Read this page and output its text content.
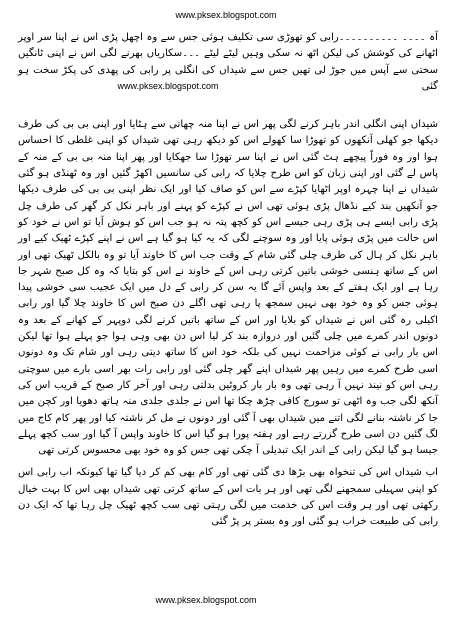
www.pksex.blogspot.com

آہ ۔۔۔۔ ۔۔۔۔۔۔۔۔۔۔رابی کو تھوڑی سی تکلیف ہوئی جس سے وہ اچھل پڑی اس نے اپنا سر اوپر اٹھانے کی کوشش کی لیکن اٹھ نہ سکی وہیں لیٹے لیٹے ۔۔۔سکاریاں بھرنے لگی اس نے اپنی ٹانگیں سختی سے آپس میں جوڑ لی تھیں جس سے شیداں کی انگلی پر رابی کی پھدی کی پکڑ سخت ہو گئی

شیداں اپنی انگلی اندر باہر کرنے لگی پھر اس نے اپنا منہ چھاتی سے ہٹایا اور اپنی بی بی کی طرف دیکھا جو کھلی آنکھوں کو تھوڑا سا کھولے اس کو دیکھ رہی تھی شیداں کو اپنی غلطی کا احساس ہوا اور وہ فوراً پیچھے ہٹ گئی اس نے اپنا سر تھوڑا سا جھکایا اور پھر اپنا منہ بی بی کے منہ کے پاس لے گئی اور اپنی زبان کو اس طرح چلایا کہ رابی کی سانسیں اکھڑ گئیں اور وہ ٹھنڈی ہو گئی شیداں نے اپنا چہرہ اوپر اٹھایا کپڑے سے اس کو صاف کیا اور ایک نظر اپنی بی بی کی طرف دیکھا جو آنکھیں بند کیے نڈھال پڑی ہوئی تھی اس نے کپڑے کو پہنے اور باہر نکل کر گھر کی طرف چل پڑی رابی ایسے ہی پڑی رہی جیسے اس کو کچھ پتہ نہ ہو جب اس کو ہوش آیا تو اس نے خود کو اس حالت میں پڑی ہوئی پایا اور وہ سوچنے لگی کہ یہ کیا ہو گیا ہے اس نے اپنے کپڑے ٹھیک کیے اور باہر نکل کر ہال کی طرف چلی گئی شام کے وقت جب اس کا خاوند آیا تو وہ بالکل ٹھیک تھی اور اس کے ساتھ ہنسی خوشی باتیں کرتی رہی اس کے خاوند نے اس کو بتایا کہ وہ کل صبح شہر جا رہا ہے اور ایک ہفتے کے بعد واپس آئے گا یہ سن کر رابی کے دل میں ایک عجیب سی خوشی پیدا ہوئی جس کو وہ خود بھی نہیں سمجھ پا رہی تھی اگلے دن صبح اس کا خاوند چلا گیا اور رابی اکیلی رہ گئی اس نے شیداں کو بلایا اور اس کے ساتھ باتیں کرنے لگی دوپہر کے کھانے کے بعد وہ دونوں اندر کمرے میں چلی گئیں اور دروازہ بند کر لیا اس دن بھی وہی ہوا جو پہلے ہوا تھا لیکن اس بار رابی نے کوئی مزاحمت نہیں کی بلکہ خود اس کا ساتھ دیتی رہی اور شام تک وہ دونوں اسی طرح کمرے میں رہیں پھر شیداں اپنے گھر چلی گئی اور رابی رات بھر اسی بارے میں سوچتی رہی اس کو نیند نہیں آ رہی تھی وہ بار بار کروٹیں بدلتی رہی اور آخر کار صبح کے قریب اس کی آنکھ لگی جب وہ اٹھی تو سورج کافی چڑھ چکا تھا اس نے جلدی جلدی منہ ہاتھ دھویا اور کچن میں جا کر ناشتہ بنانے لگی اتنے میں شیداں بھی آ گئی اور دونوں نے مل کر ناشتہ کیا اور پھر کام کاج میں لگ گئیں دن اسی طرح گزرتے رہے اور ہفتہ پورا ہو گیا اس کا خاوند واپس آ گیا اور سب کچھ پہلے جیسا ہو گیا لیکن رابی کے اندر ایک تبدیلی آ چکی تھی جس کو وہ خود بھی محسوس کرتی تھی

اب شیداں اس کی تنخواہ بھی بڑھا دی گئی تھی اور کام بھی کم کر دیا گیا تھا کیونکہ اب رابی اس کو اپنی سہیلی سمجھنے لگی تھی اور ہر بات اس کے ساتھ کرتی تھی شیداں بھی اس کا بہت خیال رکھتی تھی اور ہر وقت اس کی خدمت میں لگی رہتی تھی سب کچھ ٹھیک چل رہا تھا کہ ایک دن رابی کی طبیعت خراب ہو گئی اور وہ بستر پر پڑ گئی

www.pksex.blogspot.com
www.pksex.blogspot.com
